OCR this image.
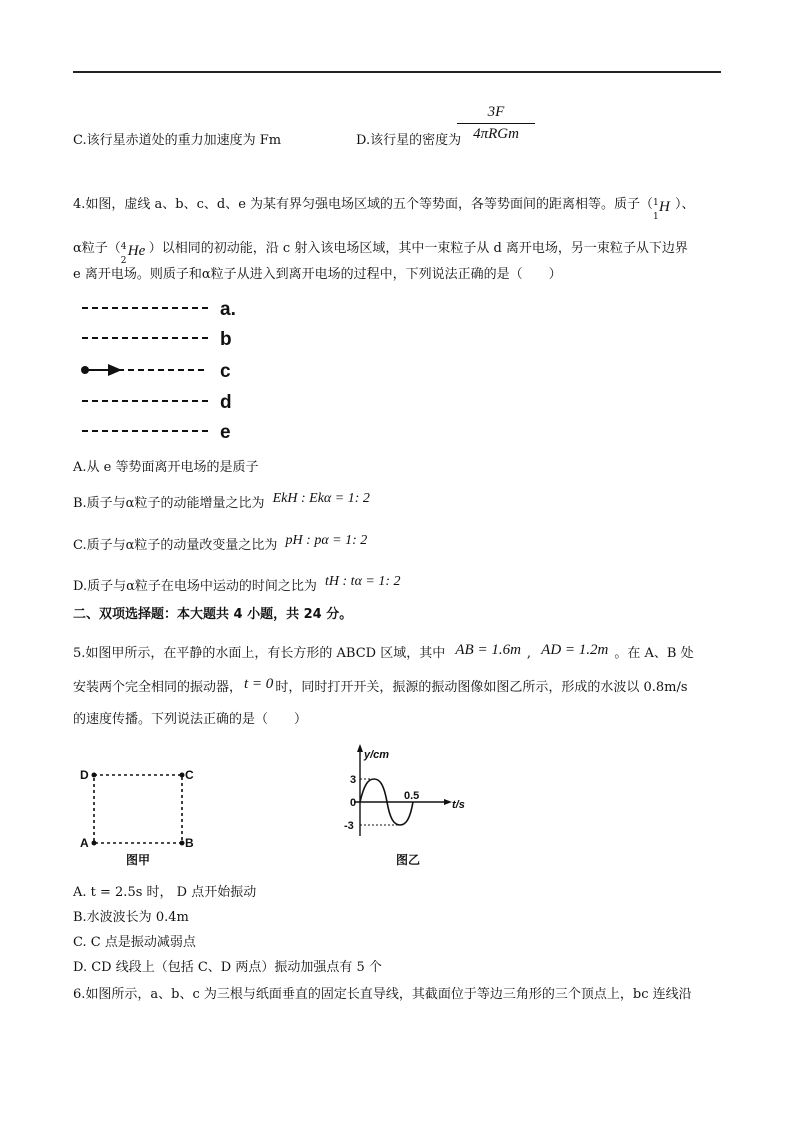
C.该行星赤道处的重力加速度为 Fm	D.该行星的密度为
3F
4πRGm
4.如图，虚线 a、b、c、d、e 为某有界匀强电场区域的五个等势面，各等势面间的距离相等。质子（ 1
1
H ）、
α粒子（ 4
2
He ）以相同的初动能，沿 c 射入该电场区域，其中一束粒子从 d 离开电场，另一束粒子从下边界
e 离开电场。则质子和α粒子从进入到离开电场的过程中，下列说法正确的是（　　）
a.
b
c
d
e
A.从 e 等势面离开电场的是质子
B.质子与α粒子的动能增量之比为 EkH : Ekα = 1: 2
C.质子与α粒子的动量改变量之比为 pH : pα = 1: 2
D.质子与α粒子在电场中运动的时间之比为 tH : tα = 1: 2
二、双项选择题：本大题共 4 小题，共 24 分。
5.如图甲所示，在平静的水面上，有长方形的 ABCD 区域，其中 AB = 1.6m , AD = 1.2m 。在 A、B 处
安装两个完全相同的振动器， t = 0 时，同时打开开关，振源的振动图像如图乙所示，形成的水波以 0.8m/s
的速度传播。下列说法正确的是（　　）
D	C
A	B
图甲
y/cm
t/s
3
-3
0
0.5
图乙
A. t = 2.5s 时， D 点开始振动
B.水波波长为 0.4m
C. C 点是振动减弱点
D. CD 线段上（包括 C、D 两点）振动加强点有 5 个
6.如图所示，a、b、c 为三根与纸面垂直的固定长直导线，其截面位于等边三角形的三个顶点上，bc 连线沿
